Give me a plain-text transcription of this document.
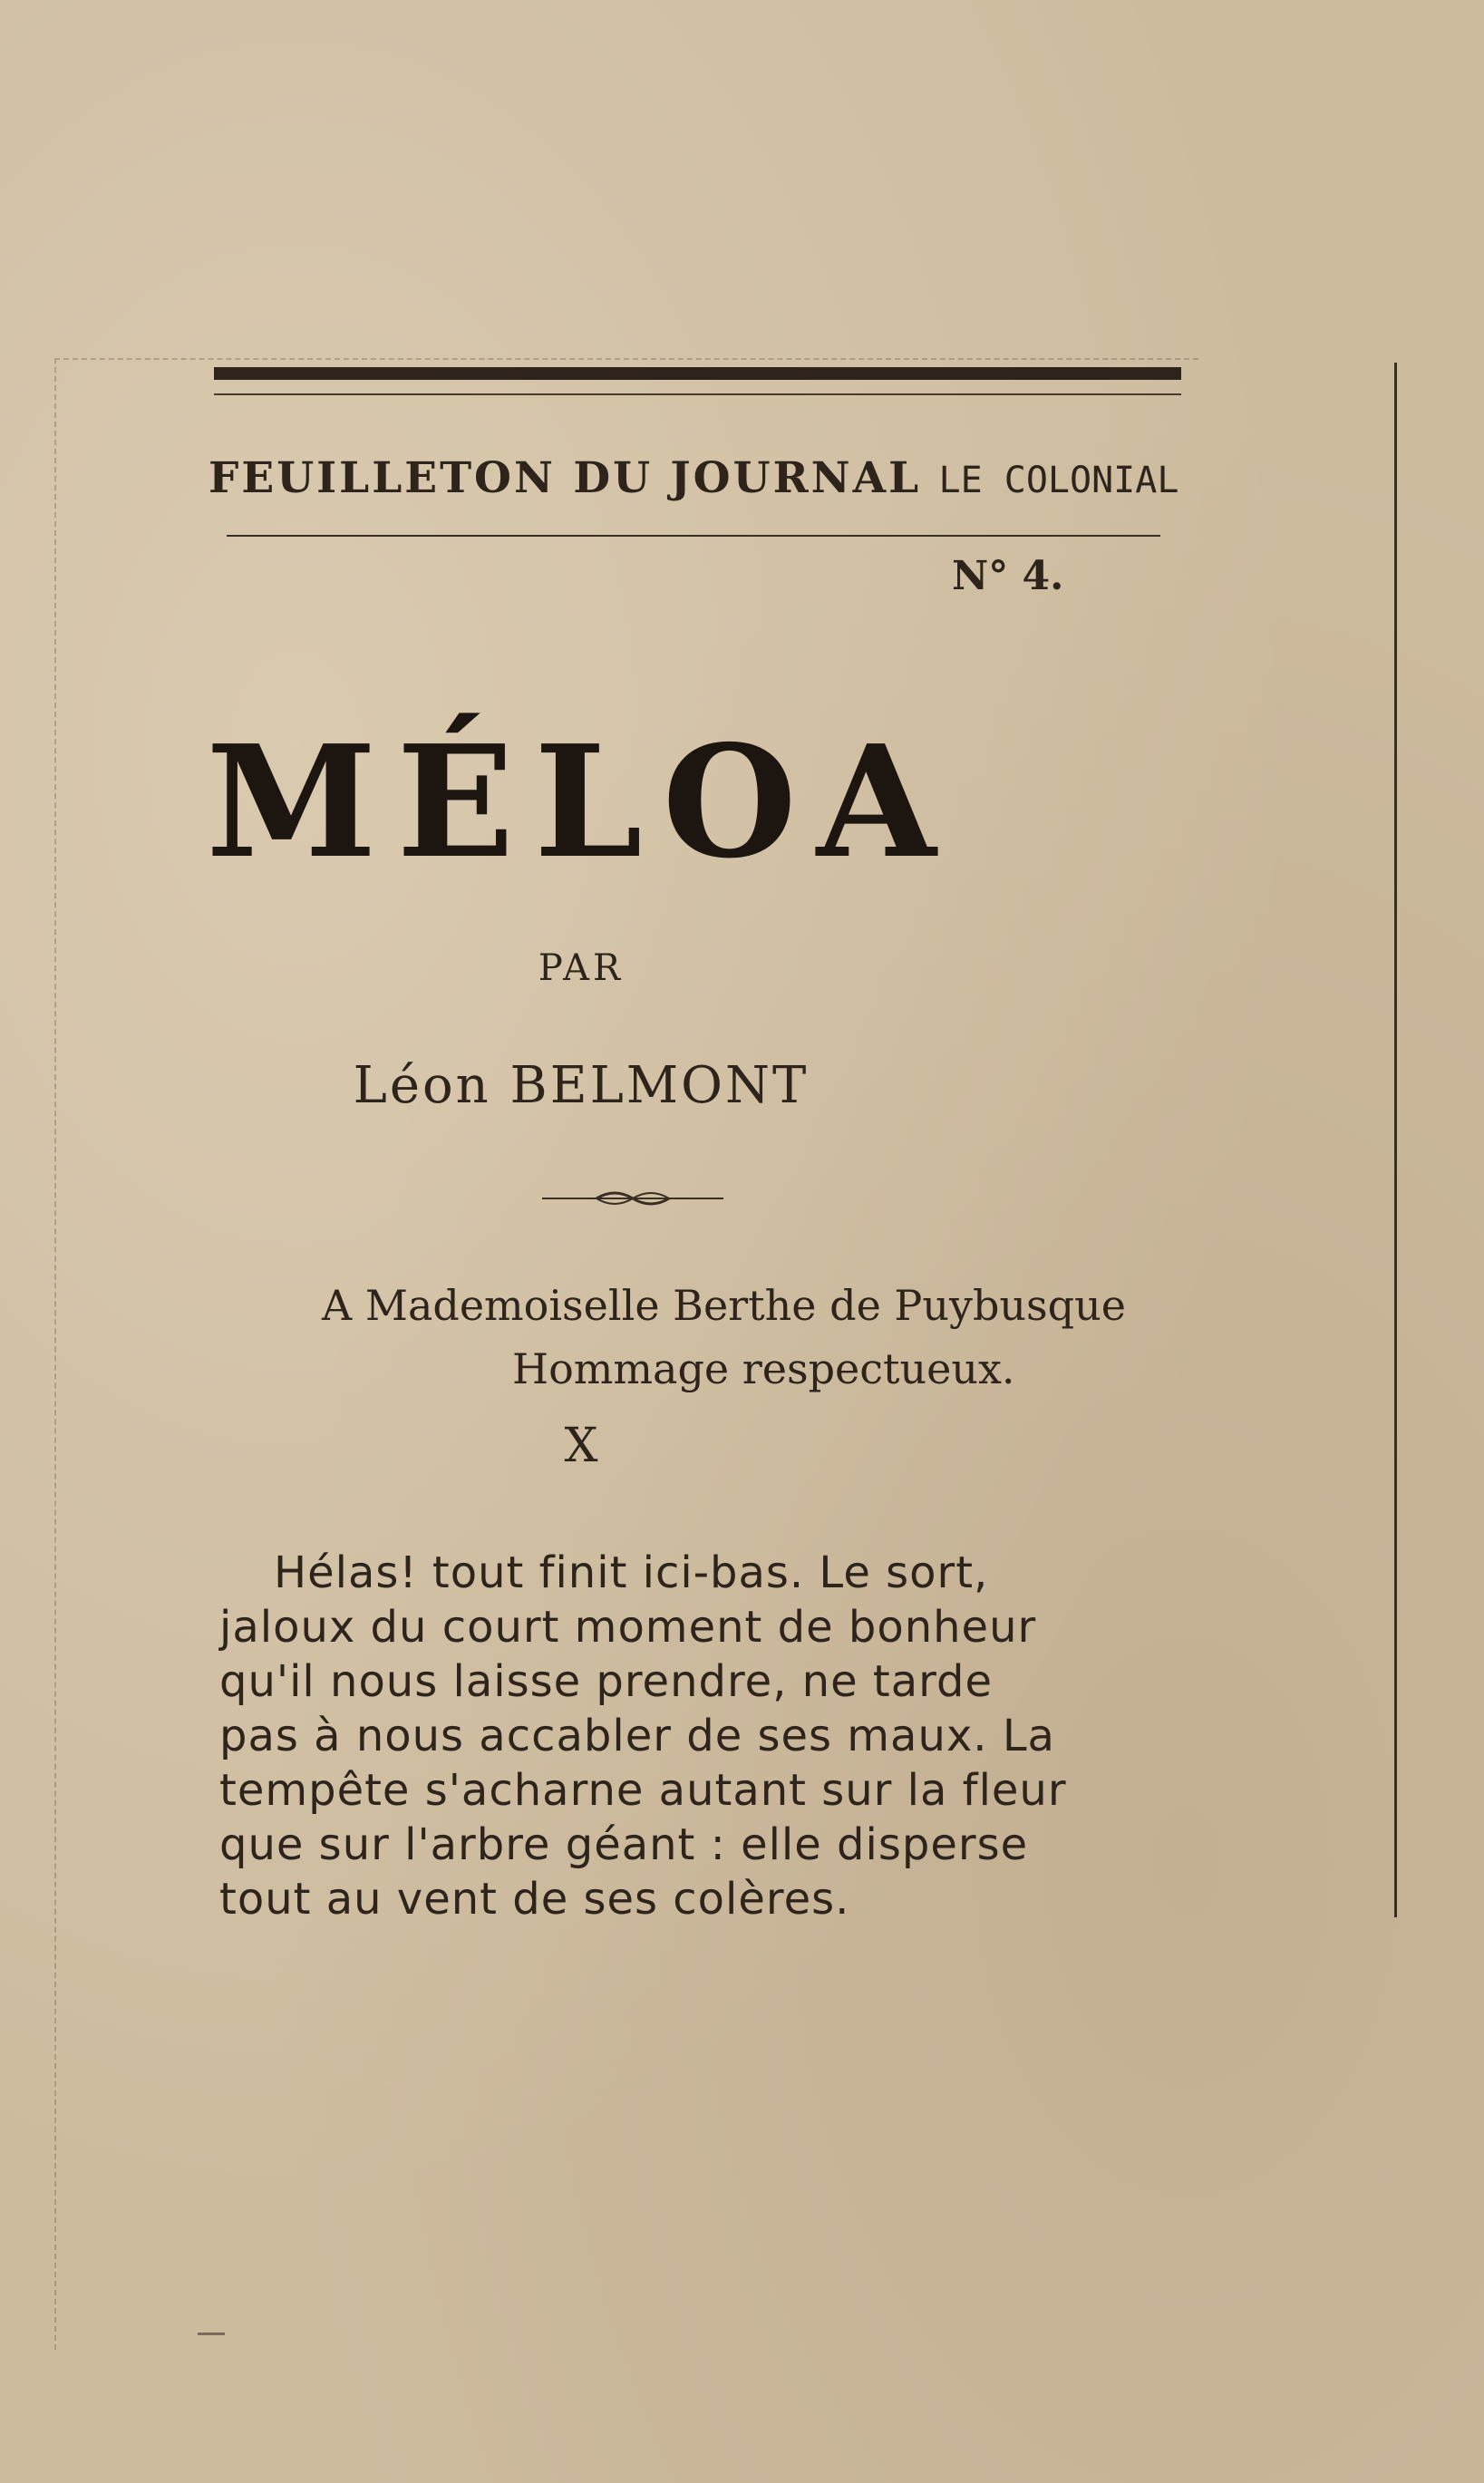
FEUILLETON DU JOURNAL LE COLONIAL
N° 4.
MÉLOA
PAR
Léon BELMONT
A Mademoiselle Berthe de Puybusque
Hommage respectueux.
X
Hélas! tout finit ici-bas. Le sort,
jaloux du court moment de bonheur
qu'il nous laisse prendre, ne tarde
pas à nous accabler de ses maux. La
tempête s'acharne autant sur la fleur
que sur l'arbre géant : elle disperse
tout au vent de ses colères.
